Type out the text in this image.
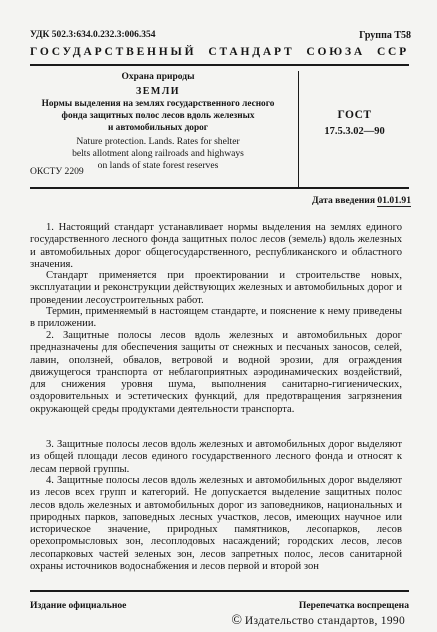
УДК 502.3:634.0.232.3:006.354	Группа Т58
ГОСУДАРСТВЕННЫЙ СТАНДАРТ СОЮЗА ССР
Охрана природы
ЗЕМЛИ
Нормы выделения на землях государственного лесного
фонда защитных полос лесов вдоль железных
и автомобильных дорог
Nature protection. Lands. Rates for shelter
belts allotment along railroads and highways
on lands of state forest reserves
ОКСТУ 2209
ГОСТ
17.5.3.02—90
Дата введения 01.01.91

1. Настоящий стандарт устанавливает нормы выделения на землях единого государственного лесного фонда защитных полос лесов (земель) вдоль железных и автомобильных дорог общегосударственного, республиканского и областного значения.

Стандарт применяется при проектировании и строительстве новых, эксплуатации и реконструкции действующих железных и автомобильных дорог и проведении лесоустроительных работ.

Термин, применяемый в настоящем стандарте, и пояснение к нему приведены в приложении.

2. Защитные полосы лесов вдоль железных и автомобильных дорог предназначены для обеспечения защиты от снежных и песчаных заносов, селей, лавин, оползней, обвалов, ветровой и водной эрозии, для ограждения движущегося транспорта от неблагоприятных аэродинамических воздействий, для снижения уровня шума, выполнения санитарно-гигиенических, оздоровительных и эстетических функций, для предотвращения загрязнения окружающей среды продуктами деятельности транспорта.

3. Защитные полосы лесов вдоль железных и автомобильных дорог выделяют из общей площади лесов единого государственного лесного фонда и относят к лесам первой группы.

4. Защитные полосы лесов вдоль железных и автомобильных дорог выделяют из лесов всех групп и категорий. Не допускается выделение защитных полос лесов вдоль железных и автомобильных дорог из заповедников, национальных и природных парков, заповедных лесных участков, лесов, имеющих научное или историческое значение, природных памятников, лесопарков, лесов орехопромысловых зон, лесоплодовых насаждений; городских лесов, лесов лесопарковых частей зеленых зон, лесов запретных полос, лесов санитарной охраны источников водоснабжения и лесов первой и второй зон

Издание официальное	Перепечатка воспрещена
© Издательство стандартов, 1990
